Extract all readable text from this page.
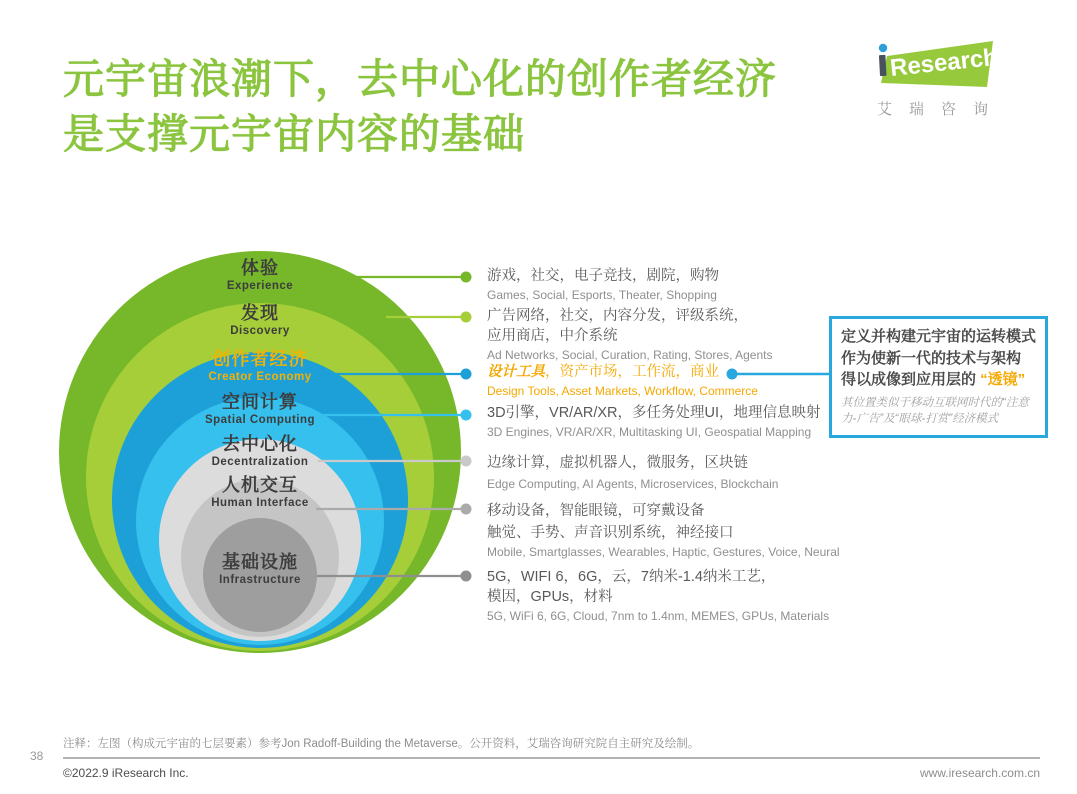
元宇宙浪潮下，去中心化的创作者经济
是支撑元宇宙内容的基础
Research
艾瑞咨询
体验
Experience
发现
Discovery
创作者经济
Creator Economy
空间计算
Spatial Computing
去中心化
Decentralization
人机交互
Human Interface
基础设施
Infrastructure
游戏，社交，电子竞技，剧院，购物
Games, Social, Esports, Theater, Shopping
广告网络，社交，内容分发，评级系统，
应用商店，中介系统
Ad Networks, Social, Curation, Rating, Stores, Agents
设计工具，资产市场，工作流，商业
Design Tools, Asset Markets, Workflow, Commerce
3D引擎，VR/AR/XR，多任务处理UI，地理信息映射
3D Engines, VR/AR/XR, Multitasking UI, Geospatial Mapping
边缘计算，虚拟机器人，微服务，区块链
Edge Computing, AI Agents, Microservices, Blockchain
移动设备，智能眼镜，可穿戴设备
触觉、手势、声音识别系统，神经接口
Mobile, Smartglasses, Wearables, Haptic, Gestures, Voice, Neural
5G，WIFI 6，6G，云，7纳米-1.4纳米工艺，
模因，GPUs，材料
5G, WiFi 6, 6G, Cloud, 7nm to 1.4nm, MEMES, GPUs, Materials
定义并构建元宇宙的运转模式
作为使新一代的技术与架构
得以成像到应用层的 “透镜”
其位置类似于移动互联网时代的“注意力-广告”及“眼球-打赏”经济模式
注释：左图（构成元宇宙的七层要素）参考Jon Radoff-Building the Metaverse。公开资料，艾瑞咨询研究院自主研究及绘制。
38
©2022.9 iResearch Inc.	www.iresearch.com.cn
